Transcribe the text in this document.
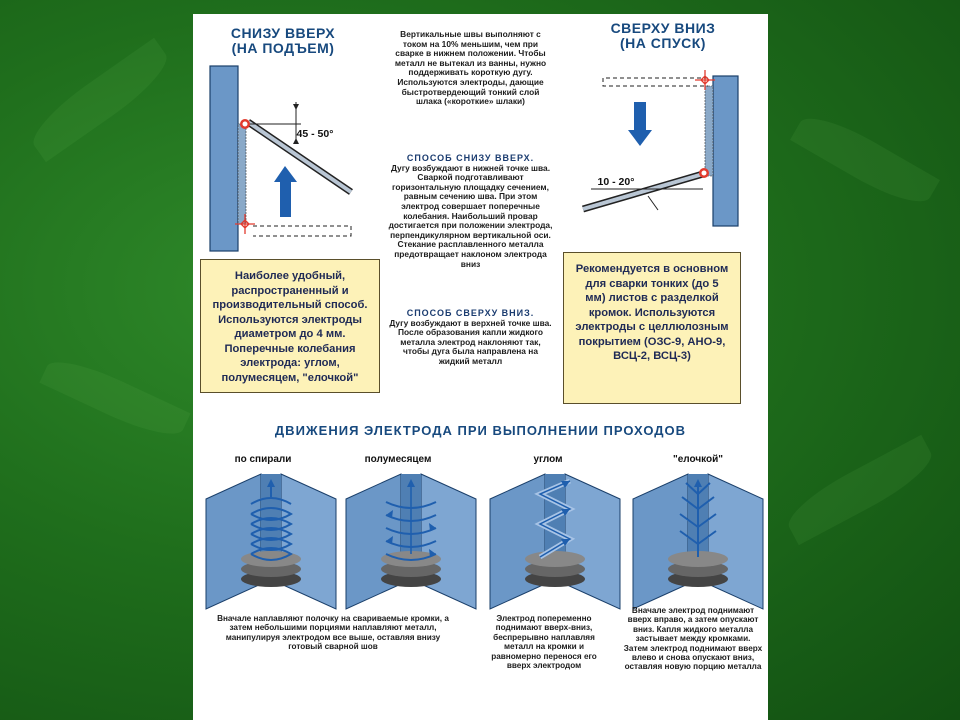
СНИЗУ ВВЕРХ
(НА ПОДЪЕМ)
45 - 50°
Наиболее удобный, распространенный и производительный способ. Используются электроды диаметром до 4 мм. Поперечные колебания электрода: углом, полумесяцем, "елочкой"
Вертикальные швы выполняют с током на 10% меньшим, чем при сварке в нижнем положении. Чтобы металл не вытекал из ванны, нужно поддерживать короткую дугу. Используются электроды, дающие быстротвердеющий тонкий слой шлака («короткие» шлаки)
СПОСОБ СНИЗУ ВВЕРХ.
Дугу возбуждают в нижней точке шва. Сваркой подготавливают горизонтальную площадку сечением, равным сечению шва. При этом электрод совершает поперечные колебания. Наибольший провар достигается при положении электрода, перпендикулярном вертикальной оси. Стекание расплавленного металла предотвращает наклоном электрода вниз
СПОСОБ СВЕРХУ ВНИЗ.
Дугу возбуждают в верхней точке шва. После образования капли жидкого металла электрод наклоняют так, чтобы дуга была направлена на жидкий металл
СВЕРХУ ВНИЗ
(НА СПУСК)
10 - 20°
Рекомендуется в основном для сварки тонких (до 5 мм) листов с разделкой кромок. Используются электроды с целлюлозным покрытием (ОЗС-9, АНО-9, ВСЦ-2, ВСЦ-3)
ДВИЖЕНИЯ ЭЛЕКТРОДА ПРИ ВЫПОЛНЕНИИ ПРОХОДОВ
по спирали	полумесяцем	углом	"елочкой"
Вначале наплавляют полочку на свариваемые кромки, а затем небольшими порциями наплавляют металл, манипулируя электродом все выше, оставляя внизу готовый сварной шов
Электрод попеременно поднимают вверх-вниз, беспрерывно наплавляя металл на кромки и равномерно перенося его вверх электродом
Вначале электрод поднимают вверх вправо, а затем опускают вниз. Капля жидкого металла застывает между кромками. Затем электрод поднимают вверх влево и снова опускают вниз, оставляя новую порцию металла
